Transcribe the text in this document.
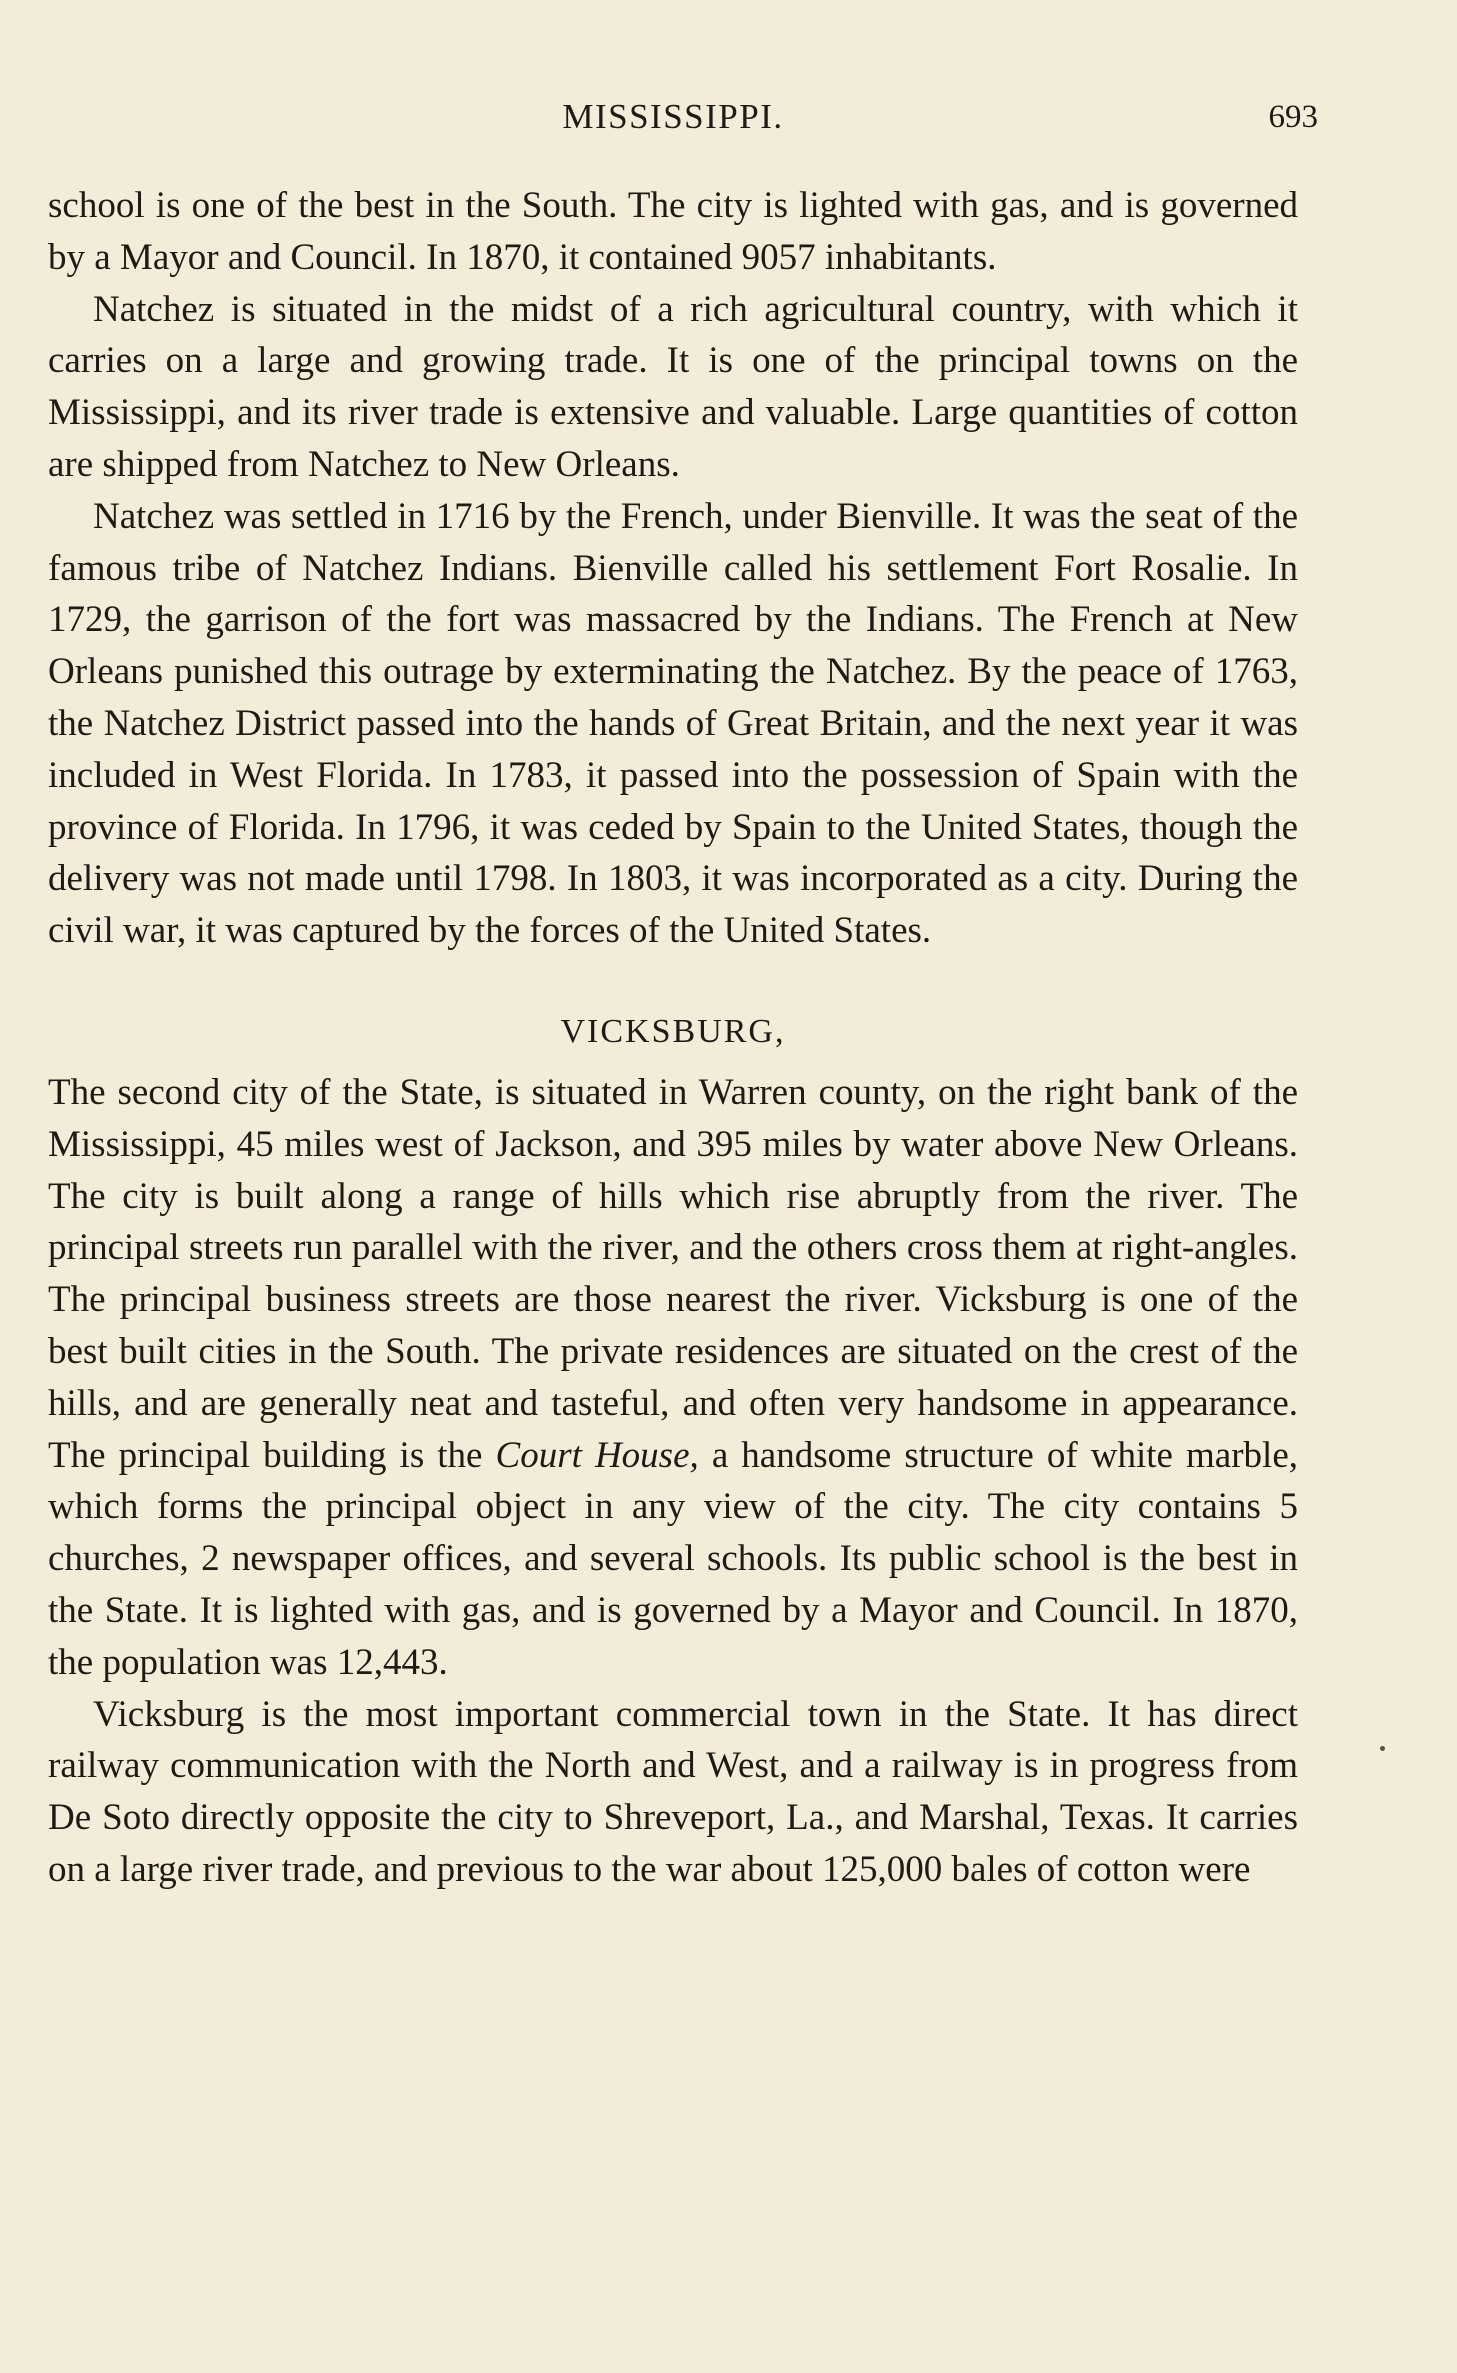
MISSISSIPPI.	693

school is one of the best in the South. The city is lighted with gas, and is governed by a Mayor and Council. In 1870, it contained 9057 inhabitants.

Natchez is situated in the midst of a rich agricultural country, with which it carries on a large and growing trade. It is one of the principal towns on the Mississippi, and its river trade is extensive and valuable. Large quantities of cotton are shipped from Natchez to New Orleans.

Natchez was settled in 1716 by the French, under Bienville. It was the seat of the famous tribe of Natchez Indians. Bienville called his settlement Fort Rosalie. In 1729, the garrison of the fort was massacred by the Indians. The French at New Orleans punished this outrage by exterminating the Natchez. By the peace of 1763, the Natchez District passed into the hands of Great Britain, and the next year it was included in West Florida. In 1783, it passed into the possession of Spain with the province of Florida. In 1796, it was ceded by Spain to the United States, though the delivery was not made until 1798. In 1803, it was incorporated as a city. During the civil war, it was captured by the forces of the United States.

VICKSBURG,

The second city of the State, is situated in Warren county, on the right bank of the Mississippi, 45 miles west of Jackson, and 395 miles by water above New Orleans. The city is built along a range of hills which rise abruptly from the river. The principal streets run parallel with the river, and the others cross them at right-angles. The principal business streets are those nearest the river. Vicksburg is one of the best built cities in the South. The private residences are situated on the crest of the hills, and are generally neat and tasteful, and often very handsome in appearance. The principal building is the Court House, a handsome structure of white marble, which forms the principal object in any view of the city. The city contains 5 churches, 2 newspaper offices, and several schools. Its public school is the best in the State. It is lighted with gas, and is governed by a Mayor and Council. In 1870, the population was 12,443.

Vicksburg is the most important commercial town in the State. It has direct railway communication with the North and West, and a railway is in progress from De Soto directly opposite the city to Shreveport, La., and Marshal, Texas. It carries on a large river trade, and previous to the war about 125,000 bales of cotton were
